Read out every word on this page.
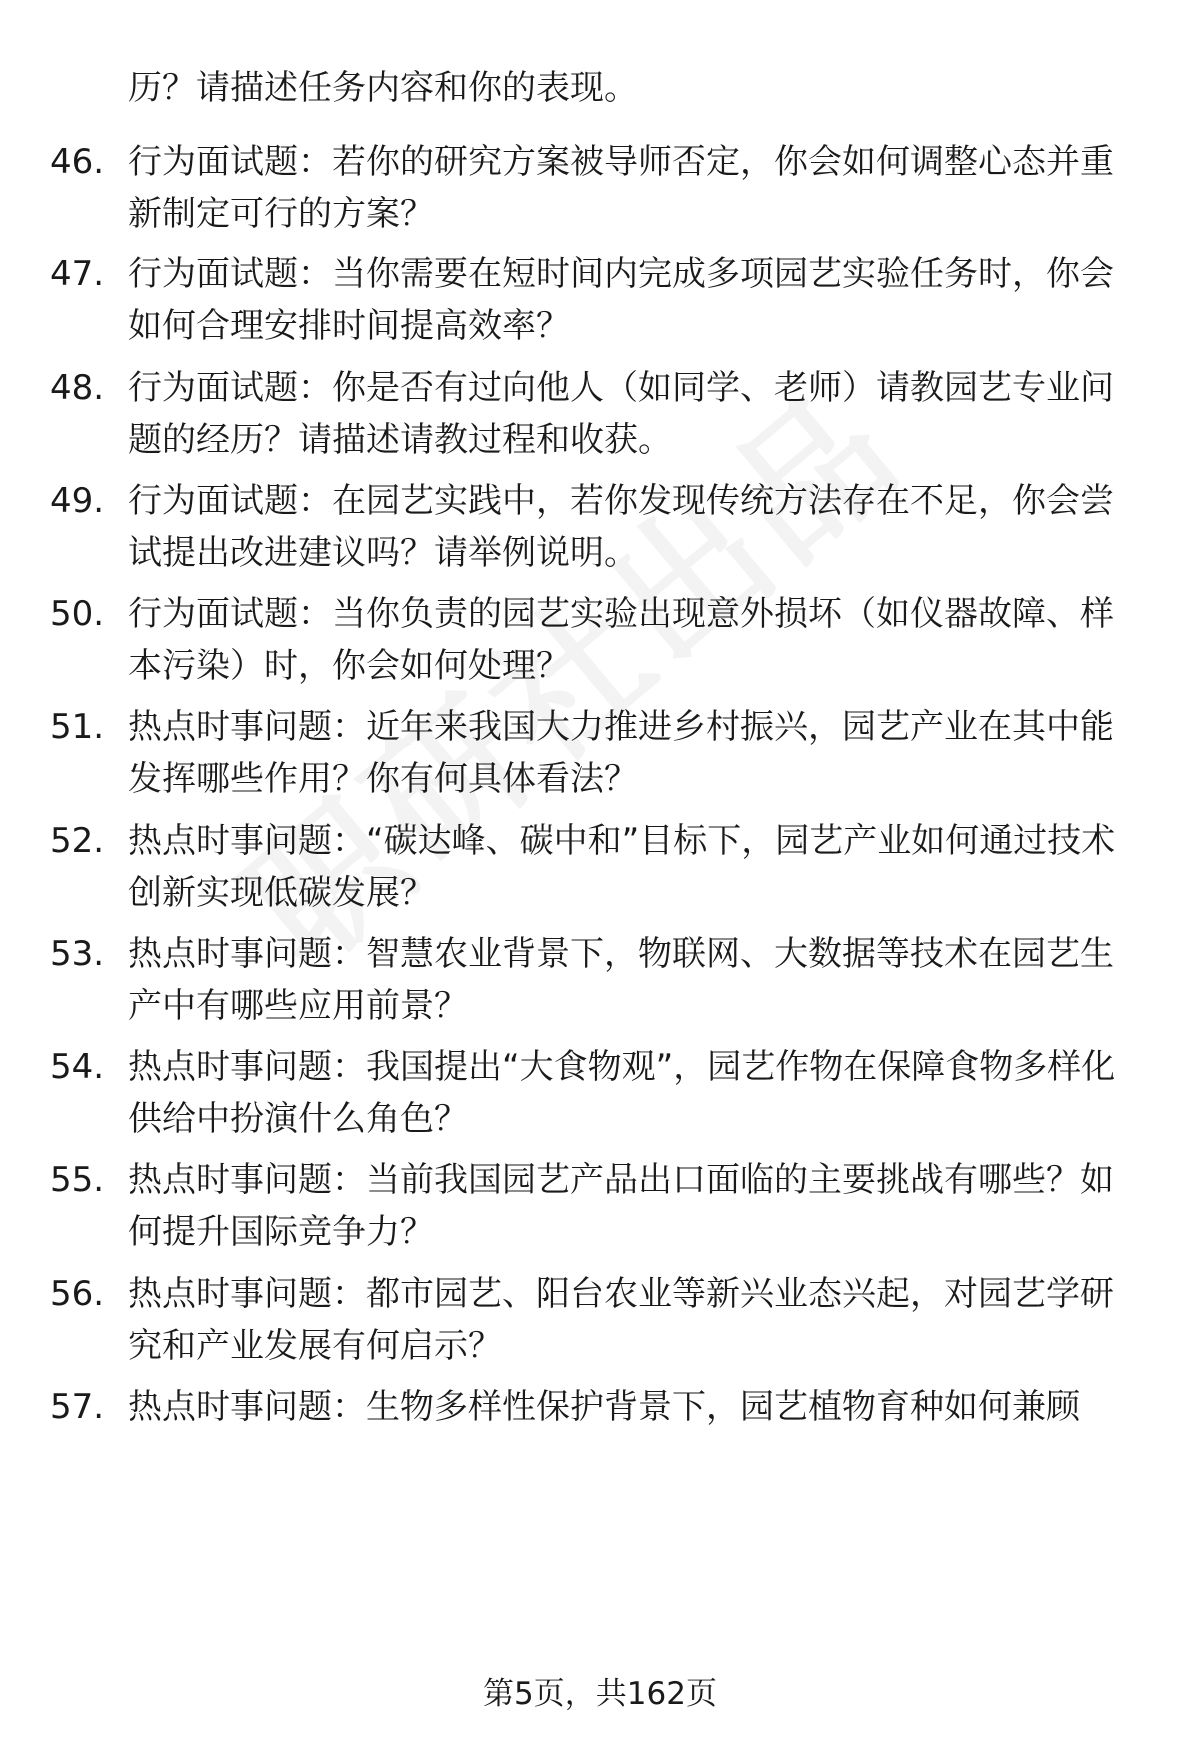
历？请描述任务内容和你的表现。
46. 行为面试题：若你的研究方案被导师否定，你会如何调整心态并重新制定可行的方案？
47. 行为面试题：当你需要在短时间内完成多项园艺实验任务时，你会如何合理安排时间提高效率？
48. 行为面试题：你是否有过向他人（如同学、老师）请教园艺专业问题的经历？请描述请教过程和收获。
49. 行为面试题：在园艺实践中，若你发现传统方法存在不足，你会尝试提出改进建议吗？请举例说明。
50. 行为面试题：当你负责的园艺实验出现意外损坏（如仪器故障、样本污染）时，你会如何处理？
51. 热点时事问题：近年来我国大力推进乡村振兴，园艺产业在其中能发挥哪些作用？你有何具体看法？
52. 热点时事问题：“碳达峰、碳中和”目标下，园艺产业如何通过技术创新实现低碳发展？
53. 热点时事问题：智慧农业背景下，物联网、大数据等技术在园艺生产中有哪些应用前景？
54. 热点时事问题：我国提出“大食物观”，园艺作物在保障食物多样化供给中扮演什么角色？
55. 热点时事问题：当前我国园艺产品出口面临的主要挑战有哪些？如何提升国际竞争力？
56. 热点时事问题：都市园艺、阳台农业等新兴业态兴起，对园艺学研究和产业发展有何启示？
57. 热点时事问题：生物多样性保护背景下，园艺植物育种如何兼顾
第5页，共162页
